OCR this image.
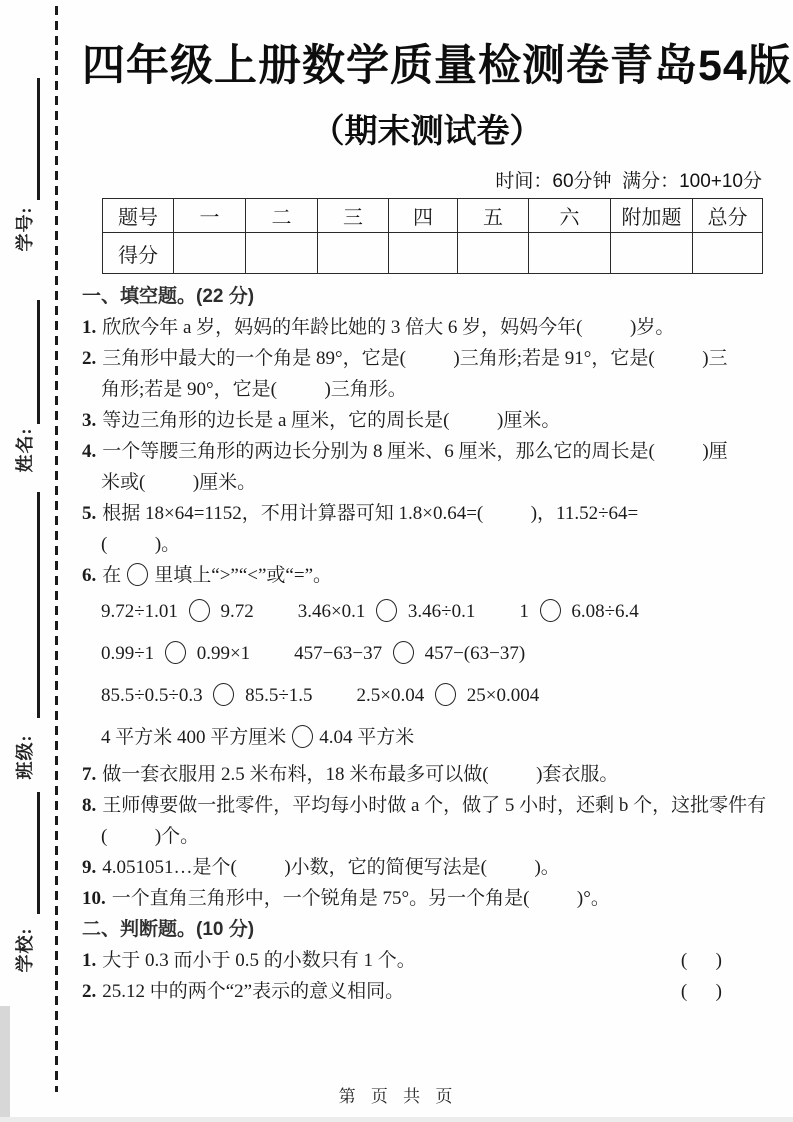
学号:
姓名:
班级:
学校:
四年级上册数学质量检测卷青岛54版
（期末测试卷）
时间：60分钟  满分：100+10分
题号	一	二	三	四	五	六	附加题	总分
得分								
一、填空题。(22 分)
1. 欣欣今年 a 岁，妈妈的年龄比她的 3 倍大 6 岁，妈妈今年(          )岁。
2. 三角形中最大的一个角是 89°，它是(          )三角形;若是 91°，它是(          )三
角形;若是 90°，它是(          )三角形。
3. 等边三角形的边长是 a 厘米，它的周长是(          )厘米。
4. 一个等腰三角形的两边长分别为 8 厘米、6 厘米，那么它的周长是(          )厘
米或(          )厘米。
5. 根据 18×64=1152，不用计算器可知 1.8×0.64=(          )，11.52÷64=
(          )。
6. 在 里填上“>”“<”或“=”。
9.72÷1.01  9.72 3.46×0.1  3.46÷0.1 1  6.08÷6.4
0.99÷1  0.99×1 457−63−37  457−(63−37)
85.5÷0.5÷0.3  85.5÷1.5 2.5×0.04  25×0.004
4 平方米 400 平方厘米 4.04 平方米
7. 做一套衣服用 2.5 米布料，18 米布最多可以做(          )套衣服。
8. 王师傅要做一批零件，平均每小时做 a 个，做了 5 小时，还剩 b 个，这批零件有
(          )个。
9. 4.051051…是个(          )小数，它的简便写法是(          )。
10. 一个直角三角形中，一个锐角是 75°。另一个角是(          )°。
二、判断题。(10 分)
1. 大于 0.3 而小于 0.5 的小数只有 1 个。	(      )
2. 25.12 中的两个“2”表示的意义相同。	(      )
第 页 共 页
